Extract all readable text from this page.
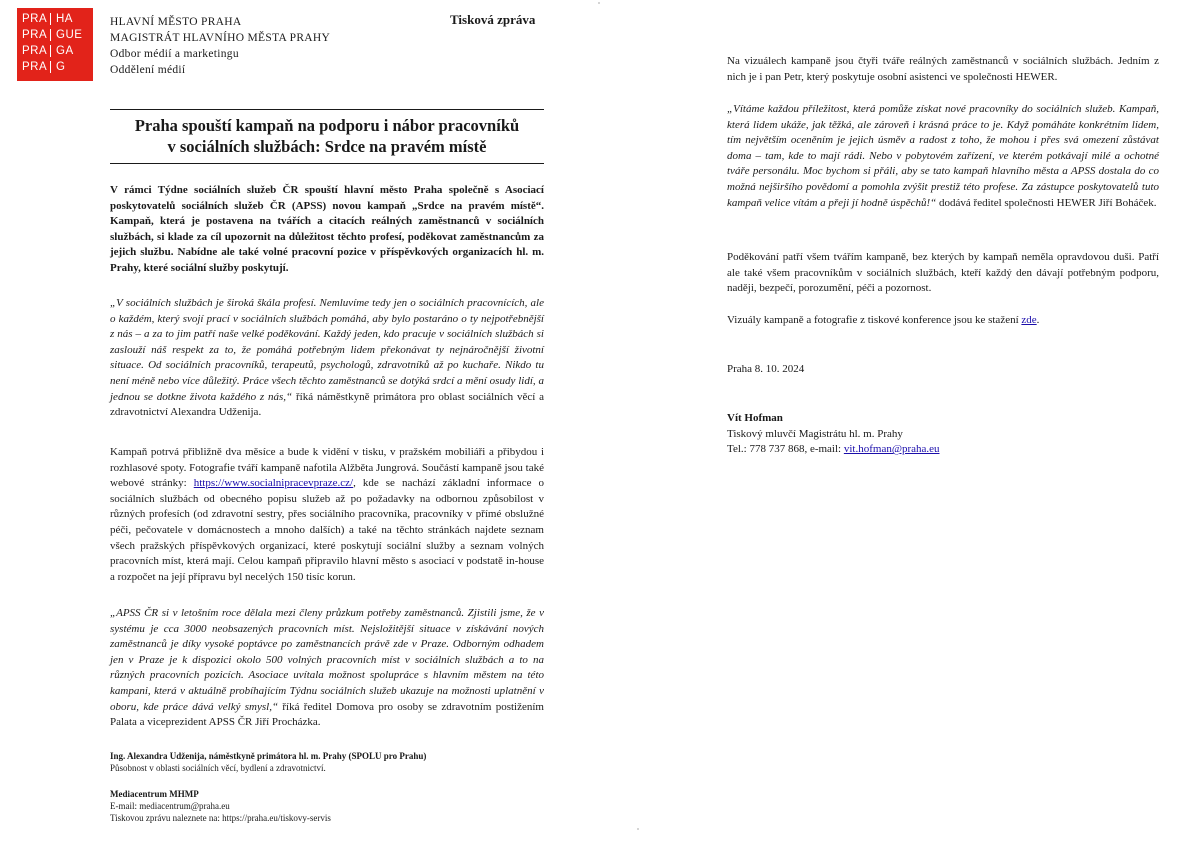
PRA HA
PRA GUE
PRA GA
PRA G
HLAVNÍ MĚSTO PRAHA
MAGISTRÁT HLAVNÍHO MĚSTA PRAHY
Odbor médií a marketingu
Oddělení médií
Tisková zpráva
Praha spouští kampaň na podporu i nábor pracovníků
v sociálních službách: Srdce na pravém místě
V rámci Týdne sociálních služeb ČR spouští hlavní město Praha společně s Asociací poskytovatelů sociálních služeb ČR (APSS) novou kampaň „Srdce na pravém místě“. Kampaň, která je postavena na tvářích a citacích reálných zaměstnanců v sociálních službách, si klade za cíl upozornit na důležitost těchto profesí, poděkovat zaměstnancům za jejich službu. Nabídne ale také volné pracovní pozice v příspěvkových organizacích hl. m. Prahy, které sociální služby poskytují.
„V sociálních službách je široká škála profesí. Nemluvíme tedy jen o sociálních pracovnících, ale o každém, který svojí prací v sociálních službách pomáhá, aby bylo postaráno o ty nejpotřebnější z nás – a za to jim patří naše velké poděkování. Každý jeden, kdo pracuje v sociálních službách si zaslouží náš respekt za to, že pomáhá potřebným lidem překonávat ty nejnáročnější životní situace. Od sociálních pracovníků, terapeutů, psychologů, zdravotníků až po kuchaře. Nikdo tu není méně nebo více důležitý. Práce všech těchto zaměstnanců se dotýká srdcí a mění osudy lidí, a jednou se dotkne života každého z nás,“ říká náměstkyně primátora pro oblast sociálních věcí a zdravotnictví Alexandra Udženija.
Kampaň potrvá přibližně dva měsíce a bude k vidění v tisku, v pražském mobiliáři a přibydou i rozhlasové spoty. Fotografie tváří kampaně nafotila Alžběta Jungrová. Součástí kampaně jsou také webové stránky: https://www.socialnipracevpraze.cz/, kde se nachází základní informace o sociálních službách od obecného popisu služeb až po požadavky na odbornou způsobilost v různých profesích (od zdravotní sestry, přes sociálního pracovníka, pracovníky v přímé obslužné péči, pečovatele v domácnostech a mnoho dalších) a také na těchto stránkách najdete seznam všech pražských příspěvkových organizací, které poskytují sociální služby a seznam volných pracovních míst, která mají. Celou kampaň připravilo hlavní město s asociací v podstatě in-house a rozpočet na její přípravu byl necelých 150 tisíc korun.
„APSS ČR si v letošním roce dělala mezi členy průzkum potřeby zaměstnanců. Zjistili jsme, že v systému je cca 3000 neobsazených pracovních míst. Nejsložitější situace v získávání nových zaměstnanců je díky vysoké poptávce po zaměstnancích právě zde v Praze. Odborným odhadem jen v Praze je k dispozici okolo 500 volných pracovních míst v sociálních službách a to na různých pracovních pozicích. Asociace uvítala možnost spolupráce s hlavním městem na této kampani, která v aktuálně probíhajícím Týdnu sociálních služeb ukazuje na možnosti uplatnění v oboru, kde práce dává velký smysl,“ říká ředitel Domova pro osoby se zdravotním postižením Palata a viceprezident APSS ČR Jiří Procházka.
Ing. Alexandra Udženija, náměstkyně primátora hl. m. Prahy (SPOLU pro Prahu)
Působnost v oblasti sociálních věcí, bydlení a zdravotnictví.
Mediacentrum MHMP
E-mail: mediacentrum@praha.eu
Tiskovou zprávu naleznete na: https://praha.eu/tiskovy-servis
Na vizuálech kampaně jsou čtyři tváře reálných zaměstnanců v sociálních službách. Jedním z nich je i pan Petr, který poskytuje osobní asistenci ve společnosti HEWER.
„Vítáme každou příležitost, která pomůže získat nové pracovníky do sociálních služeb. Kampaň, která lidem ukáže, jak těžká, ale zároveň i krásná práce to je. Když pomáháte konkrétním lidem, tím největším oceněním je jejich úsměv a radost z toho, že mohou i přes svá omezení zůstávat doma – tam, kde to mají rádi. Nebo v pobytovém zařízení, ve kterém potkávají milé a ochotné tváře personálu. Moc bychom si přáli, aby se tato kampaň hlavního města a APSS dostala do co možná nejširšího povědomí a pomohla zvýšit prestiž této profese. Za zástupce poskytovatelů tuto kampaň velice vítám a přeji jí hodně úspěchů!“ dodává ředitel společnosti HEWER Jiří Boháček.
Poděkování patří všem tvářím kampaně, bez kterých by kampaň neměla opravdovou duši. Patří ale také všem pracovníkům v sociálních službách, kteří každý den dávají potřebným podporu, naději, bezpečí, porozumění, péči a pozornost.
Vizuály kampaně a fotografie z tiskové konference jsou ke stažení zde.
Praha 8. 10. 2024
Vít Hofman
Tiskový mluvčí Magistrátu hl. m. Prahy
Tel.: 778 737 868, e-mail: vit.hofman@praha.eu
